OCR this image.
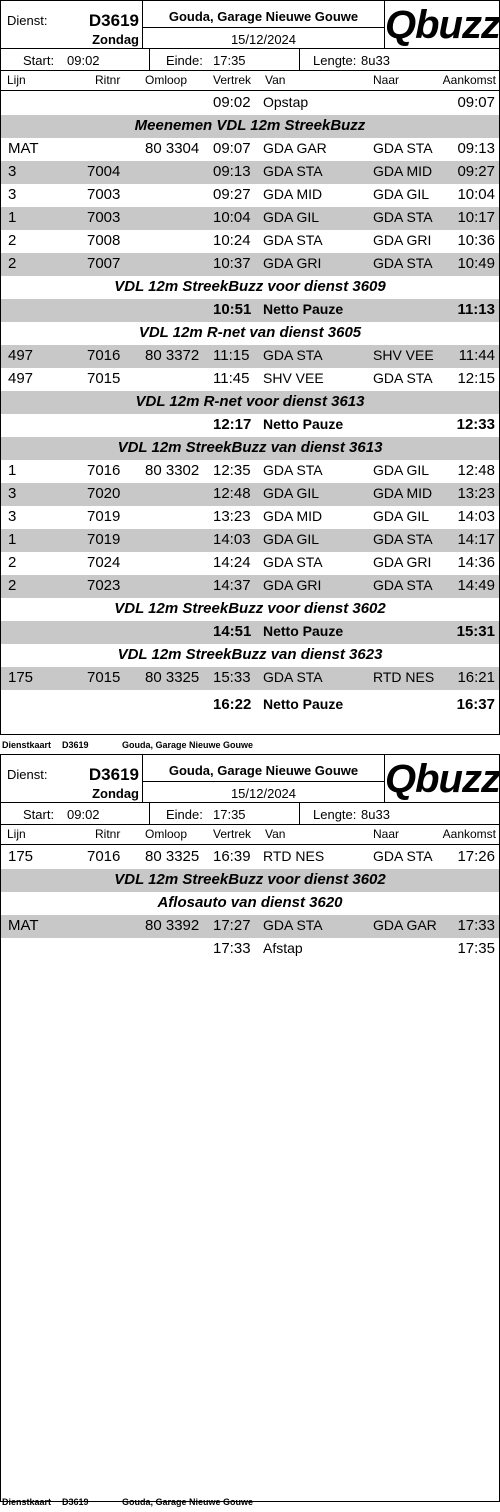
Dienst:	D3619
Zondag
Gouda, Garage Nieuwe Gouwe
15/12/2024	Qbuzz
Start: 09:02	Einde: 17:35	Lengte: 8u33
Lijn	Ritnr Omloop Vertrek Van	Naar	Aankomst
09:02 Opstap	09:07
Meenemen VDL 12m StreekBuzz
MAT	80 3304 09:07 GDA GAR	GDA STA 09:13
3	7004	09:13 GDA STA	GDA MID 09:27
3	7003	09:27 GDA MID	GDA GIL 10:04
1	7003	10:04 GDA GIL	GDA STA 10:17
2	7008	10:24 GDA STA	GDA GRI 10:36
2	7007	10:37 GDA GRI	GDA STA 10:49
VDL 12m StreekBuzz voor dienst 3609
10:51 Netto Pauze	11:13
VDL 12m R-net van dienst 3605
497	7016 80 3372 11:15 GDA STA	SHV VEE 11:44
497	7015	11:45 SHV VEE	GDA STA 12:15
VDL 12m R-net voor dienst 3613
12:17 Netto Pauze	12:33
VDL 12m StreekBuzz van dienst 3613
1	7016 80 3302 12:35 GDA STA	GDA GIL 12:48
3	7020	12:48 GDA GIL	GDA MID 13:23
3	7019	13:23 GDA MID	GDA GIL 14:03
1	7019	14:03 GDA GIL	GDA STA 14:17
2	7024	14:24 GDA STA	GDA GRI 14:36
2	7023	14:37 GDA GRI	GDA STA 14:49
VDL 12m StreekBuzz voor dienst 3602
14:51 Netto Pauze	15:31
VDL 12m StreekBuzz van dienst 3623
175	7015 80 3325 15:33 GDA STA	RTD NES 16:21
16:22 Netto Pauze	16:37
Dienstkaart D3619	Gouda, Garage Nieuwe Gouwe
Dienst:	D3619
Zondag
Gouda, Garage Nieuwe Gouwe
15/12/2024	Qbuzz
Start: 09:02	Einde: 17:35	Lengte: 8u33
Lijn	Ritnr Omloop Vertrek Van	Naar	Aankomst
175	7016 80 3325 16:39 RTD NES	GDA STA 17:26
VDL 12m StreekBuzz voor dienst 3602
Aflosauto van dienst 3620
MAT	80 3392 17:27 GDA STA	GDA GAR 17:33
17:33 Afstap	17:35
Dienstkaart D3619	Gouda, Garage Nieuwe Gouwe
